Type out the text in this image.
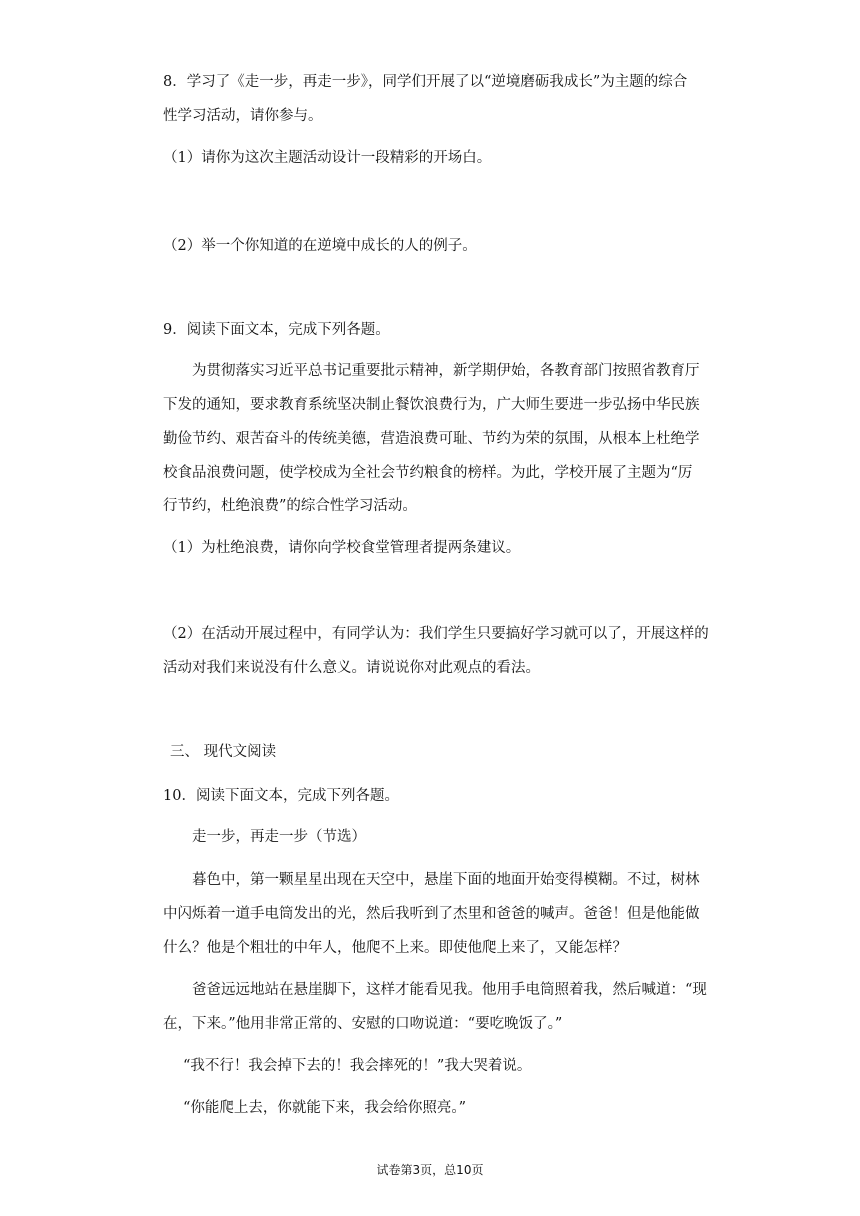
8．学习了《走一步，再走一步》，同学们开展了以“逆境磨砺我成长”为主题的综合
性学习活动，请你参与。
（1）请你为这次主题活动设计一段精彩的开场白。
（2）举一个你知道的在逆境中成长的人的例子。
9．阅读下面文本，完成下列各题。
为贯彻落实习近平总书记重要批示精神，新学期伊始，各教育部门按照省教育厅
下发的通知，要求教育系统坚决制止餐饮浪费行为，广大师生要进一步弘扬中华民族
勤俭节约、艰苦奋斗的传统美德，营造浪费可耻、节约为荣的氛围，从根本上杜绝学
校食品浪费问题，使学校成为全社会节约粮食的榜样。为此，学校开展了主题为“厉
行节约，杜绝浪费”的综合性学习活动。
（1）为杜绝浪费，请你向学校食堂管理者提两条建议。
（2）在活动开展过程中，有同学认为：我们学生只要搞好学习就可以了，开展这样的
活动对我们来说没有什么意义。请说说你对此观点的看法。
三、 现代文阅读
10．阅读下面文本，完成下列各题。
走一步，再走一步（节选）
暮色中，第一颗星星出现在天空中，悬崖下面的地面开始变得模糊。不过，树林
中闪烁着一道手电筒发出的光，然后我听到了杰里和爸爸的喊声。爸爸！但是他能做
什么？他是个粗壮的中年人，他爬不上来。即使他爬上来了，又能怎样？
爸爸远远地站在悬崖脚下，这样才能看见我。他用手电筒照着我，然后喊道：“现
在，下来。”他用非常正常的、安慰的口吻说道：“要吃晚饭了。”
“我不行！我会掉下去的！我会摔死的！”我大哭着说。
“你能爬上去，你就能下来，我会给你照亮。”
试卷第3页，总10页
